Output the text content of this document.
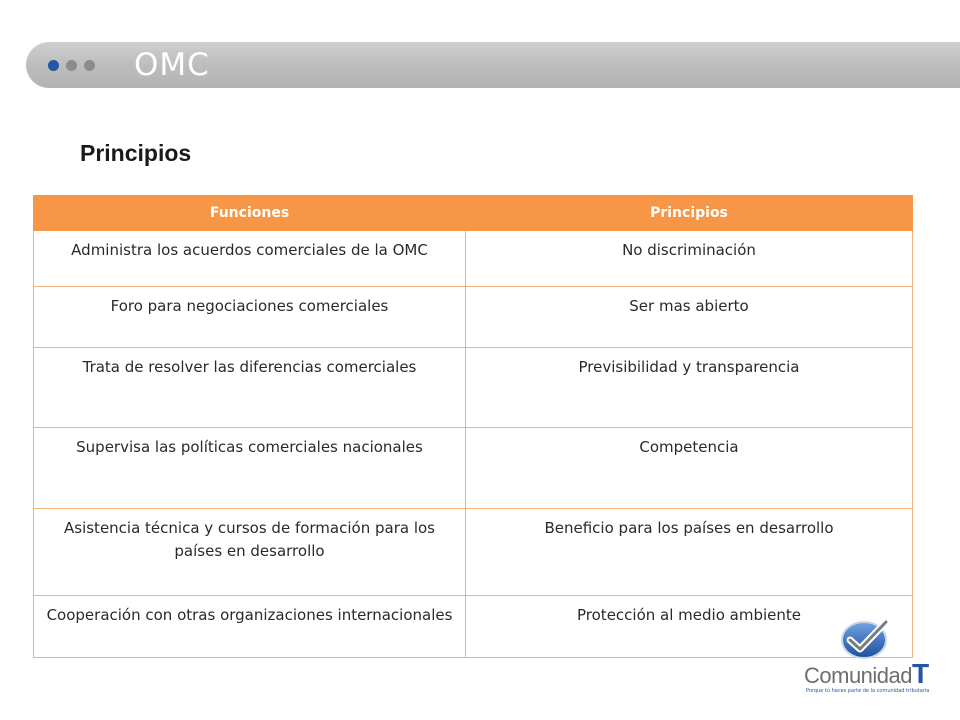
OMC
Principios
Funciones	Principios
Administra los acuerdos comerciales de la OMC	No discriminación
Foro para negociaciones comerciales	Ser mas abierto
Trata de resolver las diferencias comerciales	Previsibilidad y transparencia
Supervisa las políticas comerciales nacionales	Competencia
Asistencia técnica y cursos de formación para los países en desarrollo	Beneficio para los países en desarrollo
Cooperación con otras organizaciones internacionales	Protección al medio ambiente
ComunidadT
Porque tú haces parte de la comunidad tributaria
